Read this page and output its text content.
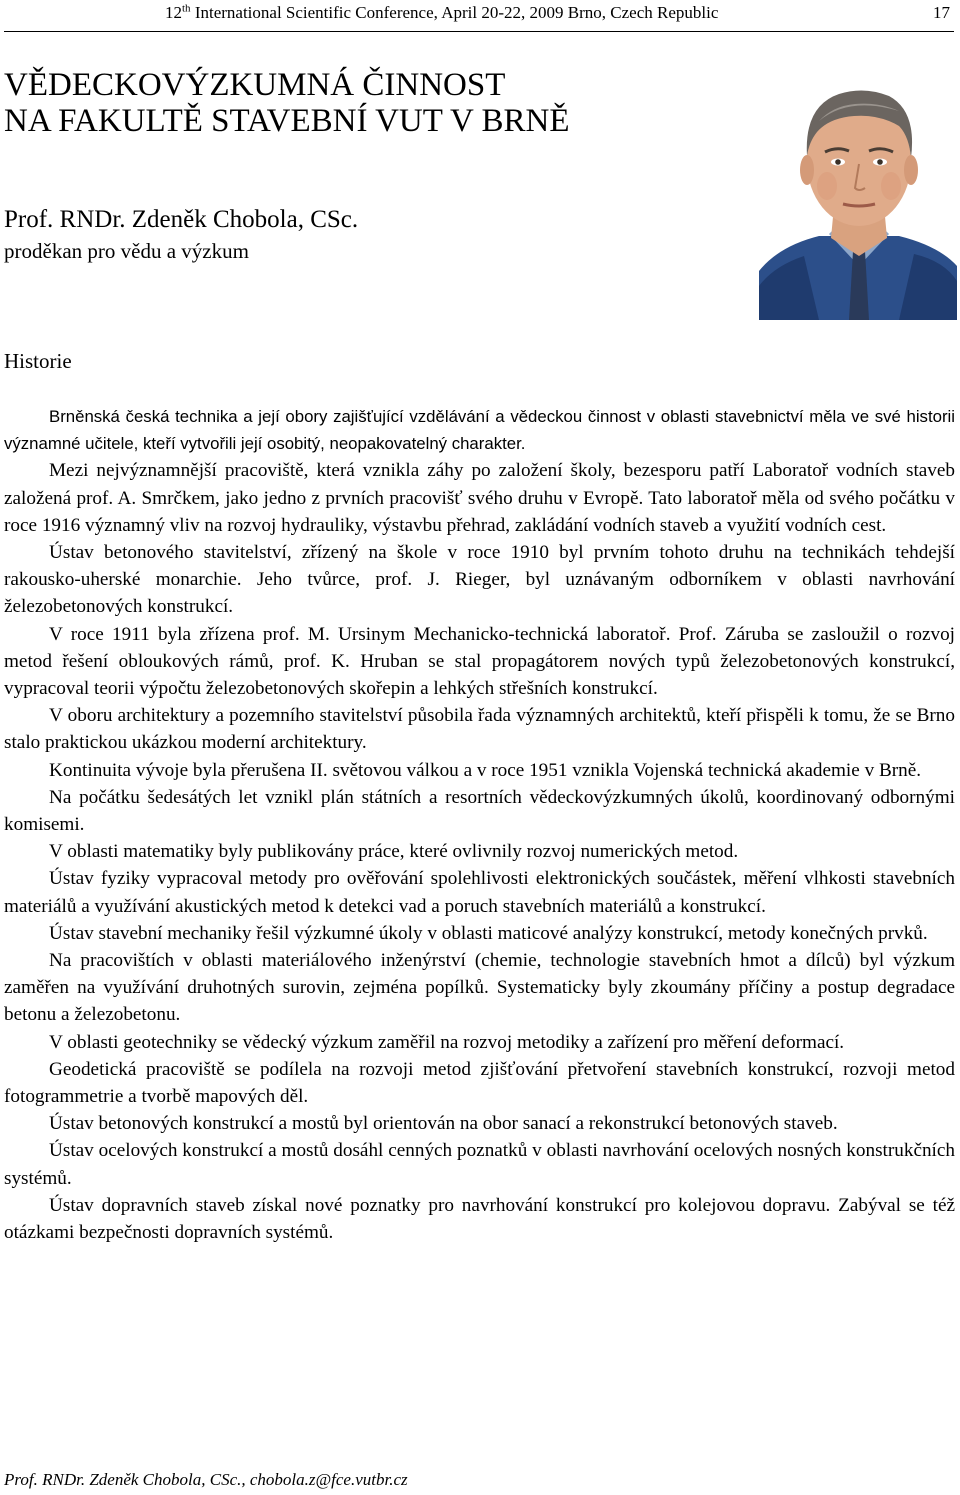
12th International Scientific Conference, April 20-22, 2009 Brno, Czech Republic	17
VĚDECKOVÝZKUMNÁ ČINNOST
NA FAKULTĚ STAVEBNÍ VUT V BRNĚ

Prof. RNDr. Zdeněk Chobola, CSc.

proděkan pro vědu a výzkum

Historie

Brněnská česká technika a její obory zajišťující vzdělávání a vědeckou činnost v oblasti stavebnictví měla ve své historii významné učitele, kteří vytvořili její osobitý, neopakovatelný charakter.

Mezi nejvýznamnější pracoviště, která vznikla záhy po založení školy, bezesporu patří Laboratoř vodních staveb založená prof. A. Smrčkem, jako jedno z prvních pracovišť svého druhu v Evropě. Tato laboratoř měla od svého počátku v roce 1916 významný vliv na rozvoj hydrauliky, výstavbu přehrad, zakládání vodních staveb a využití vodních cest.

Ústav betonového stavitelství, zřízený na škole v roce 1910 byl prvním tohoto druhu na technikách tehdejší rakousko-uherské monarchie. Jeho tvůrce, prof. J. Rieger, byl uznávaným odborníkem v oblasti navrhování železobetonových konstrukcí.

V roce 1911 byla zřízena prof. M. Ursinym Mechanicko-technická laboratoř. Prof. Záruba se zasloužil o rozvoj metod řešení obloukových rámů, prof. K. Hruban se stal propagátorem nových typů železobetonových konstrukcí, vypracoval teorii výpočtu železobetonových skořepin a lehkých střešních konstrukcí.

V oboru architektury a pozemního stavitelství působila řada významných architektů, kteří přispěli k tomu, že se Brno stalo praktickou ukázkou moderní architektury.

Kontinuita vývoje byla přerušena II. světovou válkou a v roce 1951 vznikla Vojenská technická akademie v Brně.

Na počátku šedesátých let vznikl plán státních a resortních vědeckovýzkumných úkolů, koordinovaný odbornými komisemi.

V oblasti matematiky byly publikovány práce, které ovlivnily rozvoj numerických metod.

Ústav fyziky vypracoval metody pro ověřování spolehlivosti elektronických součástek, měření vlhkosti stavebních materiálů a využívání akustických metod k detekci vad a poruch stavebních materiálů a konstrukcí.

Ústav stavební mechaniky řešil výzkumné úkoly v oblasti maticové analýzy konstrukcí, metody konečných prvků.

Na pracovištích v oblasti materiálového inženýrství (chemie, technologie stavebních hmot a dílců) byl výzkum zaměřen na využívání druhotných surovin, zejména popílků. Systematicky byly zkoumány příčiny a postup degradace betonu a železobetonu.

V oblasti geotechniky se vědecký výzkum zaměřil na rozvoj metodiky a zařízení pro měření deformací.

Geodetická pracoviště se podílela na rozvoji metod zjišťování přetvoření stavebních konstrukcí, rozvoji metod fotogrammetrie a tvorbě mapových děl.

Ústav betonových konstrukcí a mostů byl orientován na obor sanací a rekonstrukcí betonových staveb.

Ústav ocelových konstrukcí a mostů dosáhl cenných poznatků v oblasti navrhování ocelových nosných konstrukčních systémů.

Ústav dopravních staveb získal nové poznatky pro navrhování konstrukcí pro kolejovou dopravu. Zabýval se též otázkami bezpečnosti dopravních systémů.

Prof. RNDr. Zdeněk Chobola, CSc., chobola.z@fce.vutbr.cz
